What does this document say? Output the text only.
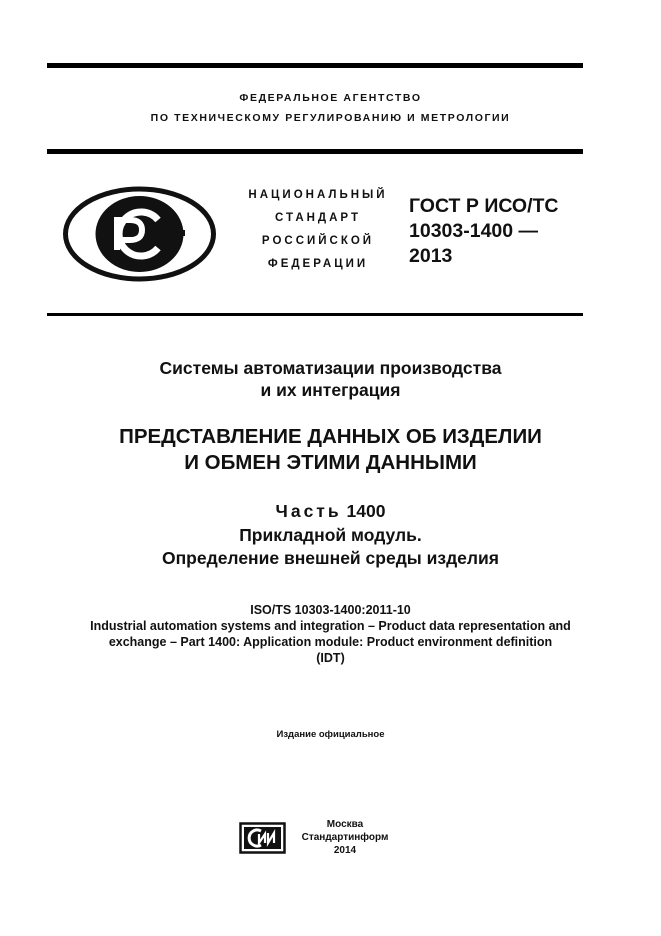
ФЕДЕРАЛЬНОЕ АГЕНТСТВО
ПО ТЕХНИЧЕСКОМУ РЕГУЛИРОВАНИЮ И МЕТРОЛОГИИ
НАЦИОНАЛЬНЫЙ
СТАНДАРТ
РОССИЙСКОЙ
ФЕДЕРАЦИИ
ГОСТ Р ИСО/ТС
10303-1400 —
2013
Системы автоматизации производства
и их интеграция
ПРЕДСТАВЛЕНИЕ ДАННЫХ ОБ ИЗДЕЛИИ
И ОБМЕН ЭТИМИ ДАННЫМИ
Часть 1400
Прикладной модуль.
Определение внешней среды изделия
ISO/TS 10303-1400:2011-10
Industrial automation systems and integration – Product data representation and
exchange – Part 1400: Application module: Product environment definition
(IDT)
Издание официальное
Москва
Стандартинформ
2014
